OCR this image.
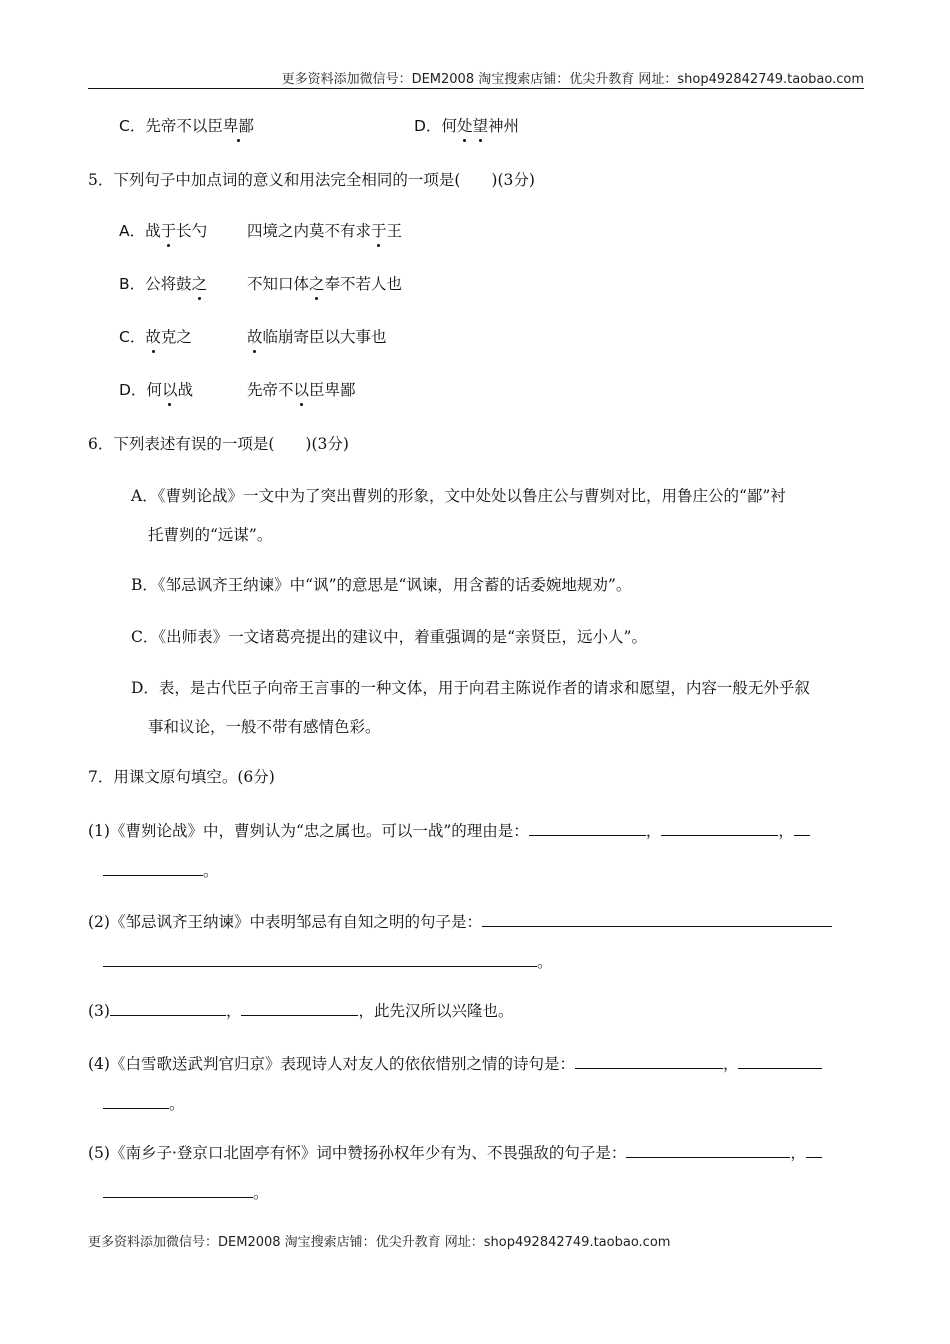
更多资料添加微信号：DEM2008 淘宝搜索店铺：优尖升教育 网址：shop492842749.taobao.com
C．先帝不以臣卑鄙	D．何处望神州
5．下列句子中加点词的意义和用法完全相同的一项是(　　)(3分)
A．战于长勺	四境之内莫不有求于王
B．公将鼓之	不知口体之奉不若人也
C．故克之	故临崩寄臣以大事也
D．何以战	先帝不以臣卑鄙
6．下列表述有误的一项是(　　)(3分)
A．《曹刿论战》一文中为了突出曹刿的形象，文中处处以鲁庄公与曹刿对比，用鲁庄公的“鄙”衬
托曹刿的“远谋”。
B．《邹忌讽齐王纳谏》中“讽”的意思是“讽谏，用含蓄的话委婉地规劝”。
C．《出师表》一文诸葛亮提出的建议中，着重强调的是“亲贤臣，远小人”。
D．表，是古代臣子向帝王言事的一种文体，用于向君主陈说作者的请求和愿望，内容一般无外乎叙
事和议论，一般不带有感情色彩。
7．用课文原句填空。(6分)
(1)《曹刿论战》中，曹刿认为“忠之属也。可以一战”的理由是：	，	，
。
(2)《邹忌讽齐王纳谏》中表明邹忌有自知之明的句子是：
。
(3)	，	，此先汉所以兴隆也。
(4)《白雪歌送武判官归京》表现诗人对友人的依依惜别之情的诗句是：	，
。
(5)《南乡子·登京口北固亭有怀》词中赞扬孙权年少有为、不畏强敌的句子是：	，
。
更多资料添加微信号：DEM2008 淘宝搜索店铺：优尖升教育 网址：shop492842749.taobao.com
